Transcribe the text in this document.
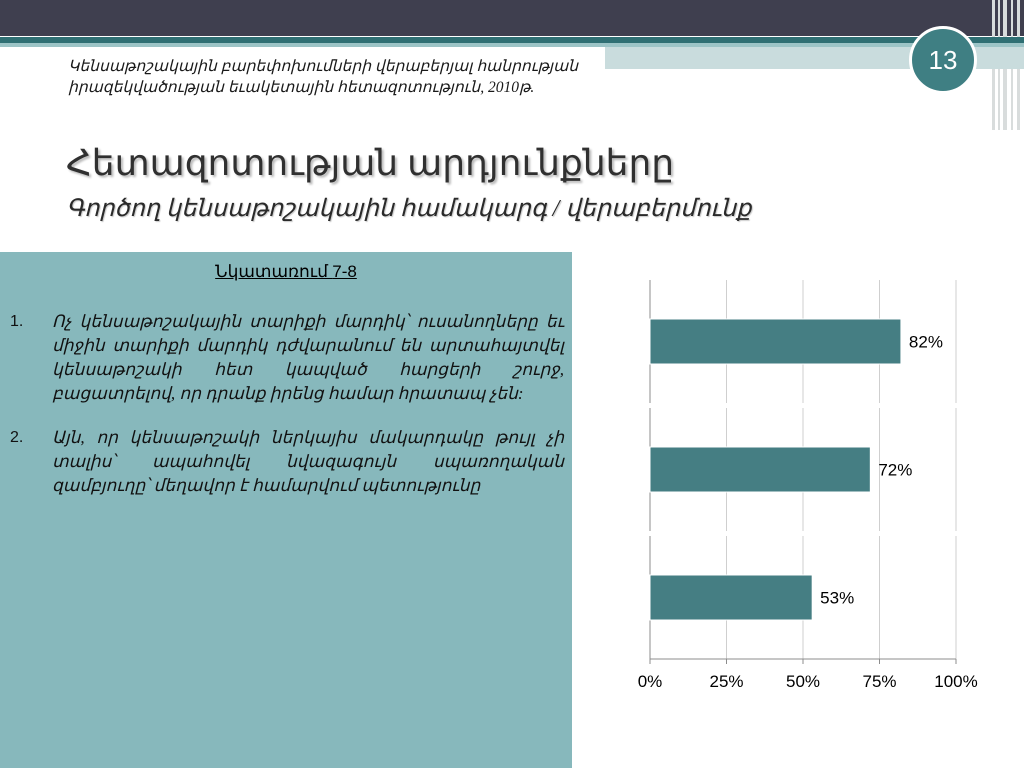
13
Կենսաթոշակային բարեփոխումների վերաբերյալ հանրության
իրազեկվածության եւակետային հետազոտություն, 2010թ.
Հետազոտության արդյունքները
Գործող կենսաթոշակային համակարգ / վերաբերմունք
Նկատառում 7-8
1. Ոչ կենսաթոշակային տարիքի մարդիկ՝ ուսանողները եւ միջին տարիքի մարդիկ դժվարանում են արտահայտվել կենսաթոշակի հետ կապված հարցերի շուրջ, բացատրելով, որ դրանք իրենց համար հրատապ չեն:
2. Այն, որ կենսաթոշակի ներկայիս մակարդակը թույլ չի տալիս՝ ապահովել նվազագույն սպառողական զամբյուղը՝ մեղավոր է համարվում պետությունը
82%
72%
53%
0%	25% 50% 75% 100%
